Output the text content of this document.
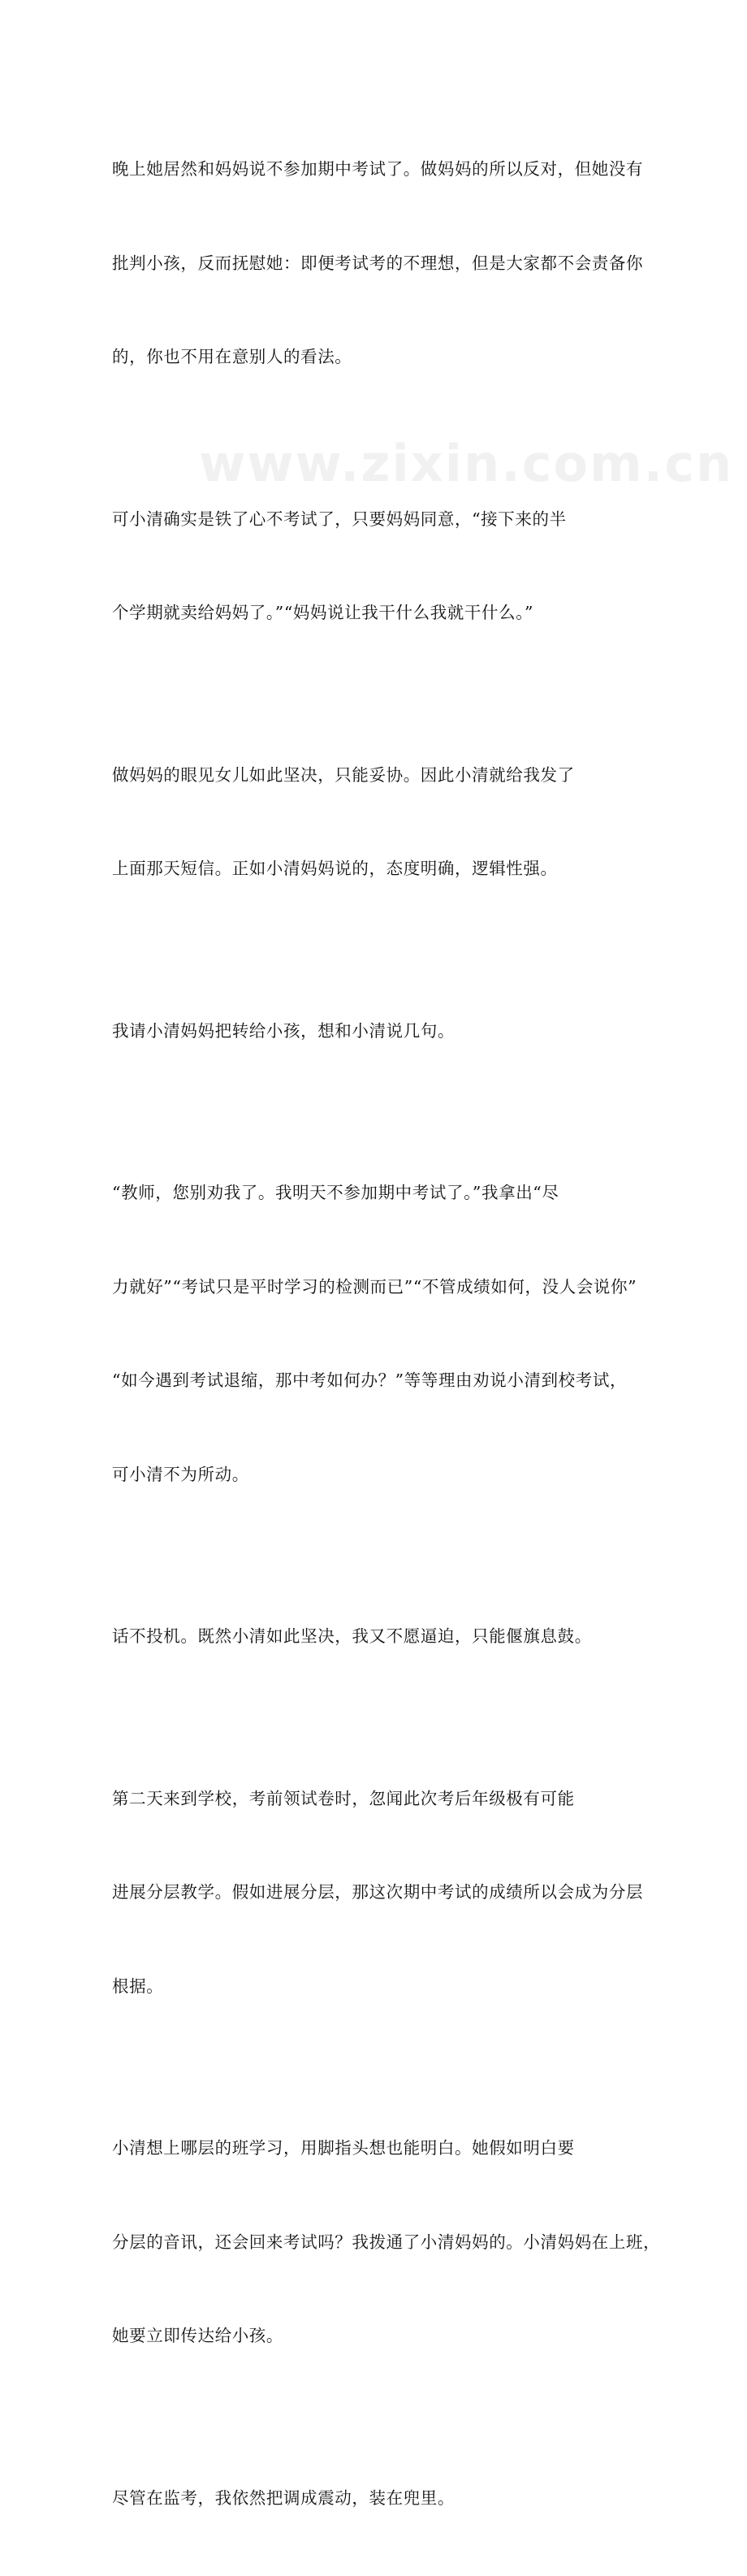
www.zixin.com.cn

晚上她居然和妈妈说不参加期中考试了。做妈妈的所以反对，但她没有

批判小孩，反而抚慰她：即便考试考的不理想，但是大家都不会责备你

的，你也不用在意别人的看法。

可小清确实是铁了心不考试了，只要妈妈同意，“接下来的半

个学期就卖给妈妈了。”“妈妈说让我干什么我就干什么。”

做妈妈的眼见女儿如此坚决，只能妥协。因此小清就给我发了

上面那天短信。正如小清妈妈说的，态度明确，逻辑性强。

我请小清妈妈把转给小孩，想和小清说几句。

“教师，您别劝我了。我明天不参加期中考试了。”我拿出“尽

力就好”“考试只是平时学习的检测而已”“不管成绩如何，没人会说你”

“如今遇到考试退缩，那中考如何办？”等等理由劝说小清到校考试，

可小清不为所动。

话不投机。既然小清如此坚决，我又不愿逼迫，只能偃旗息鼓。

第二天来到学校，考前领试卷时，忽闻此次考后年级极有可能

进展分层教学。假如进展分层，那这次期中考试的成绩所以会成为分层

根据。

小清想上哪层的班学习，用脚指头想也能明白。她假如明白要

分层的音讯，还会回来考试吗？我拨通了小清妈妈的。小清妈妈在上班，

她要立即传达给小孩。

尽管在监考，我依然把调成震动，装在兜里。
